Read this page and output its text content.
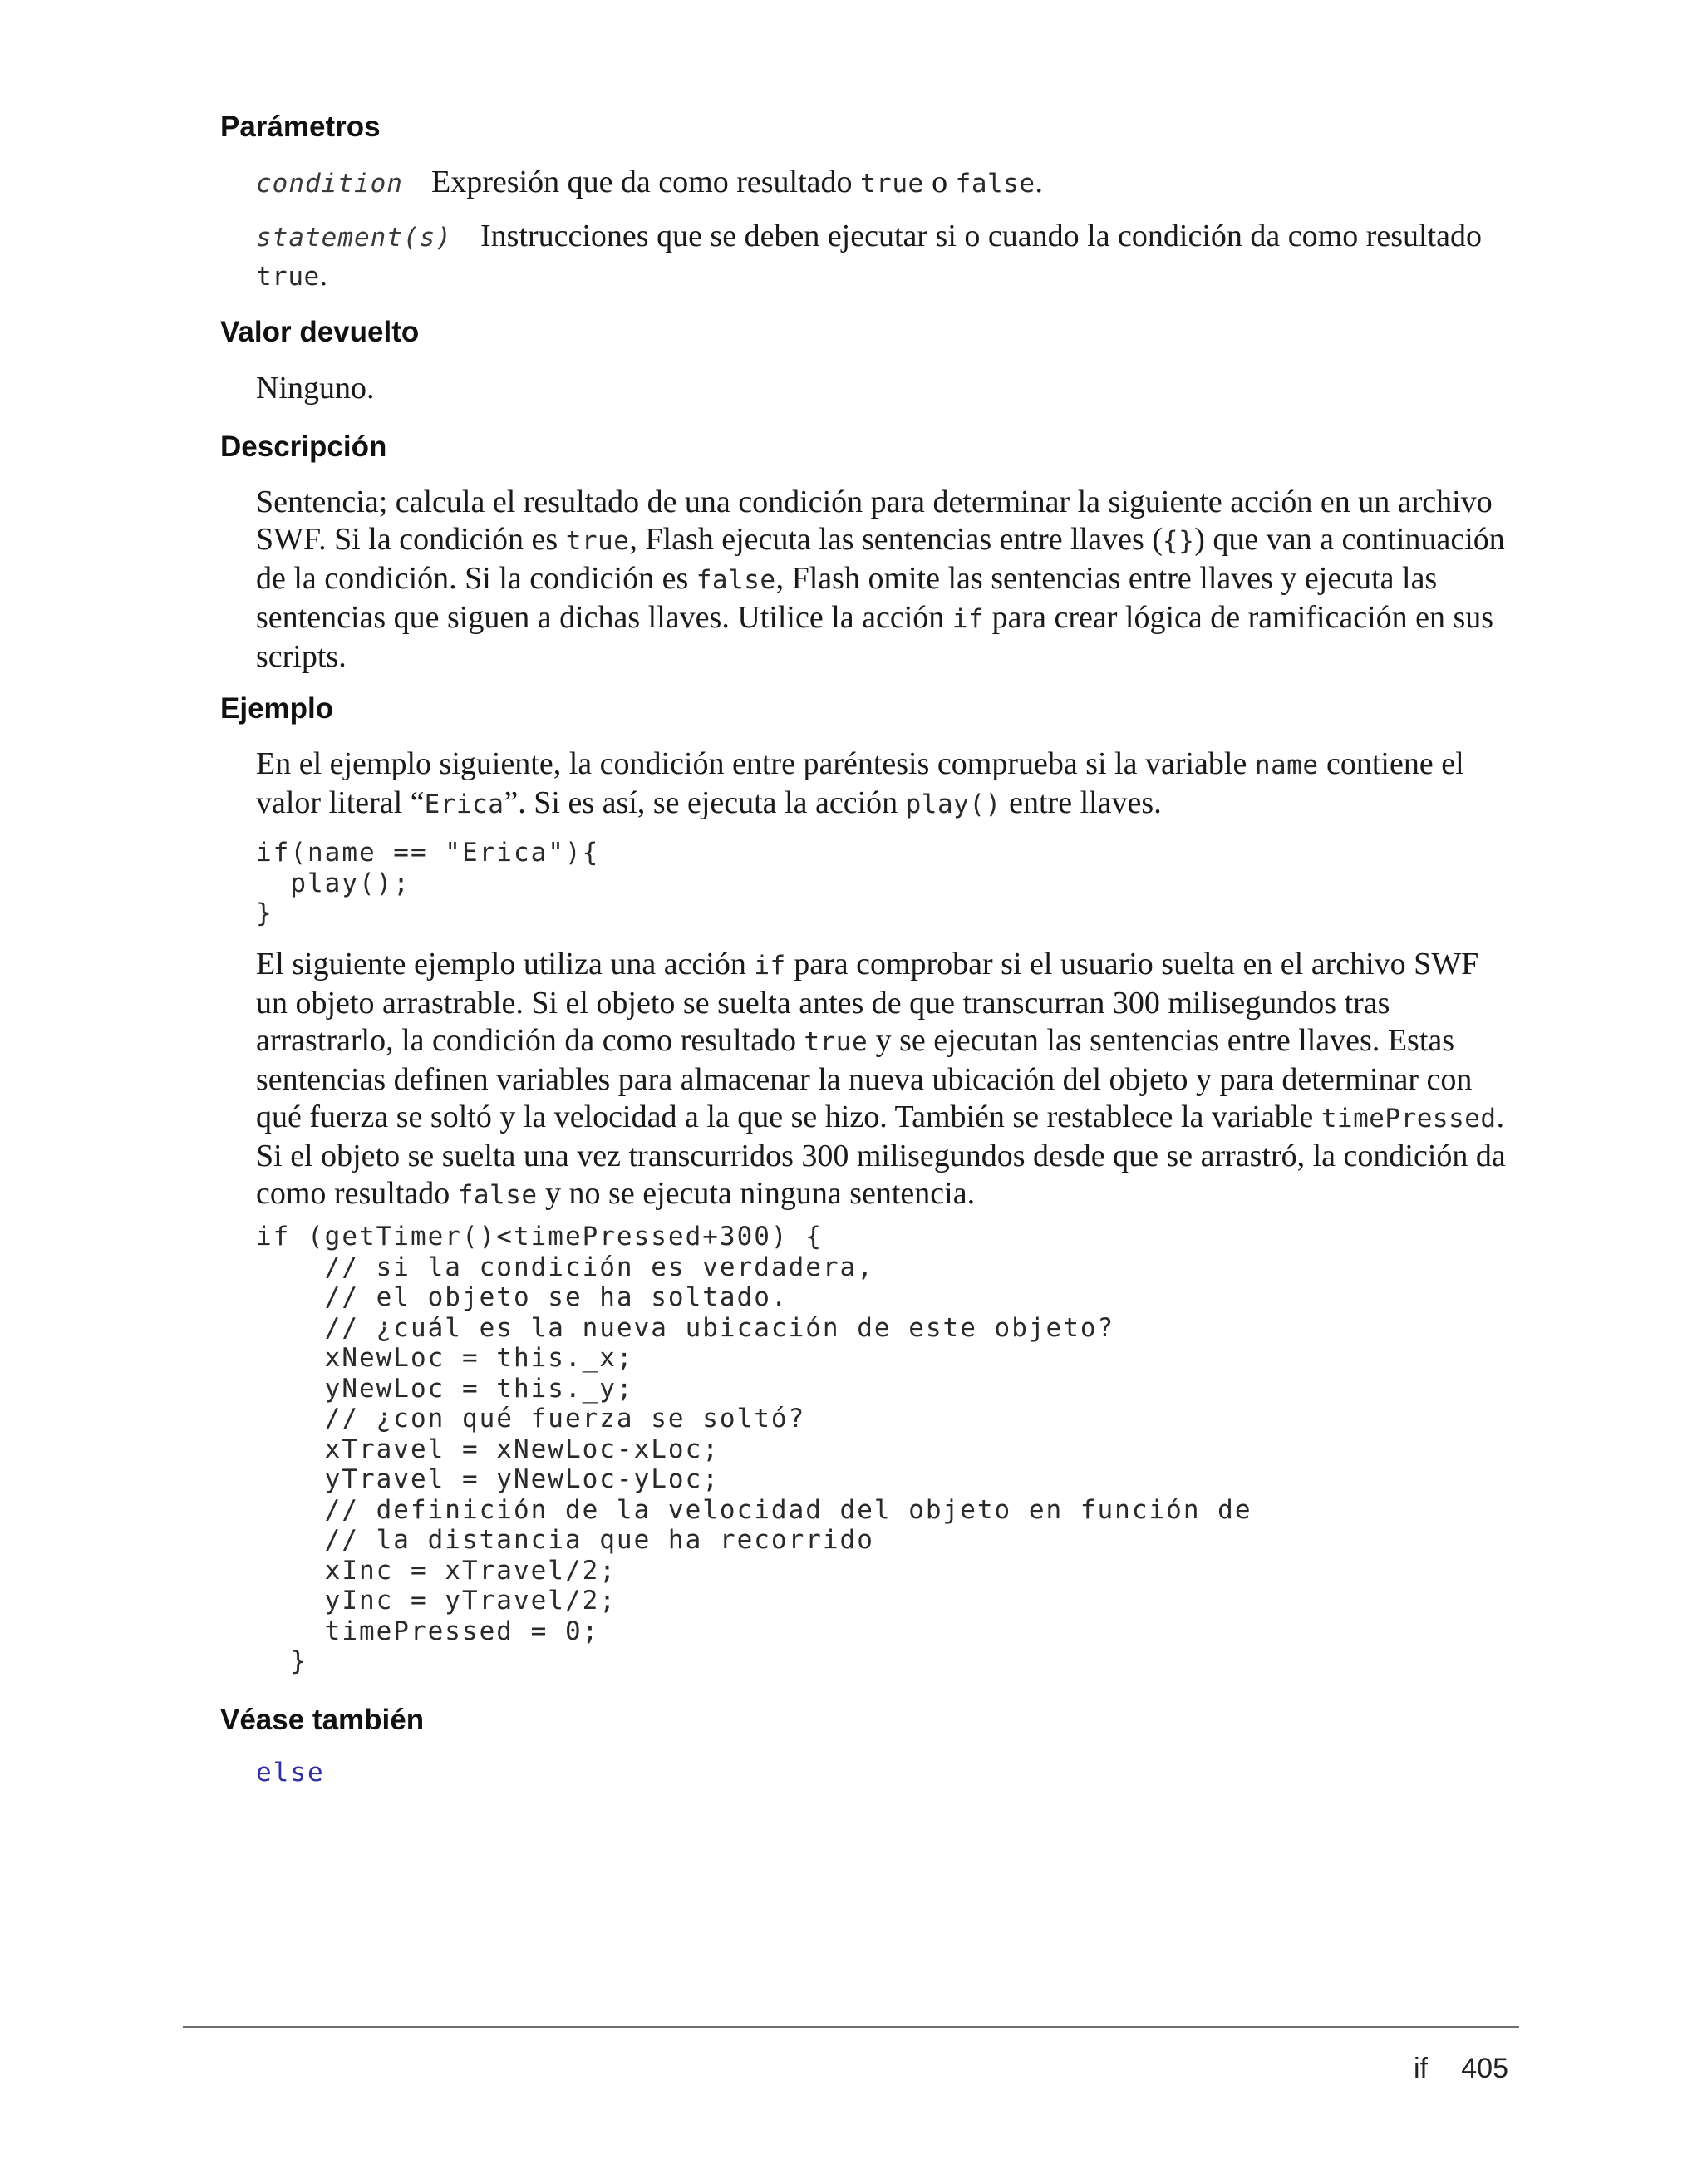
Parámetros

condition Expresión que da como resultado true o false.

statement(s) Instrucciones que se deben ejecutar si o cuando la condición da como resultado true.

Valor devuelto

Ninguno.

Descripción

Sentencia; calcula el resultado de una condición para determinar la siguiente acción en un archivo SWF. Si la condición es true, Flash ejecuta las sentencias entre llaves ({}) que van a continuación de la condición. Si la condición es false, Flash omite las sentencias entre llaves y ejecuta las sentencias que siguen a dichas llaves. Utilice la acción if para crear lógica de ramificación en sus scripts.

Ejemplo

En el ejemplo siguiente, la condición entre paréntesis comprueba si la variable name contiene el valor literal “Erica”. Si es así, se ejecuta la acción play() entre llaves.

if(name == "Erica"){
play();
}

El siguiente ejemplo utiliza una acción if para comprobar si el usuario suelta en el archivo SWF un objeto arrastrable. Si el objeto se suelta antes de que transcurran 300 milisegundos tras arrastrarlo, la condición da como resultado true y se ejecutan las sentencias entre llaves. Estas sentencias definen variables para almacenar la nueva ubicación del objeto y para determinar con qué fuerza se soltó y la velocidad a la que se hizo. También se restablece la variable timePressed. Si el objeto se suelta una vez transcurridos 300 milisegundos desde que se arrastró, la condición da como resultado false y no se ejecuta ninguna sentencia.

if (getTimer()<timePressed+300) {
// si la condición es verdadera,
// el objeto se ha soltado.
// ¿cuál es la nueva ubicación de este objeto?
xNewLoc = this._x;
yNewLoc = this._y;
// ¿con qué fuerza se soltó?
xTravel = xNewLoc-xLoc;
yTravel = yNewLoc-yLoc;
// definición de la velocidad del objeto en función de
// la distancia que ha recorrido
xInc = xTravel/2;
yInc = yTravel/2;
timePressed = 0;
}
Véase también
else
if 405
